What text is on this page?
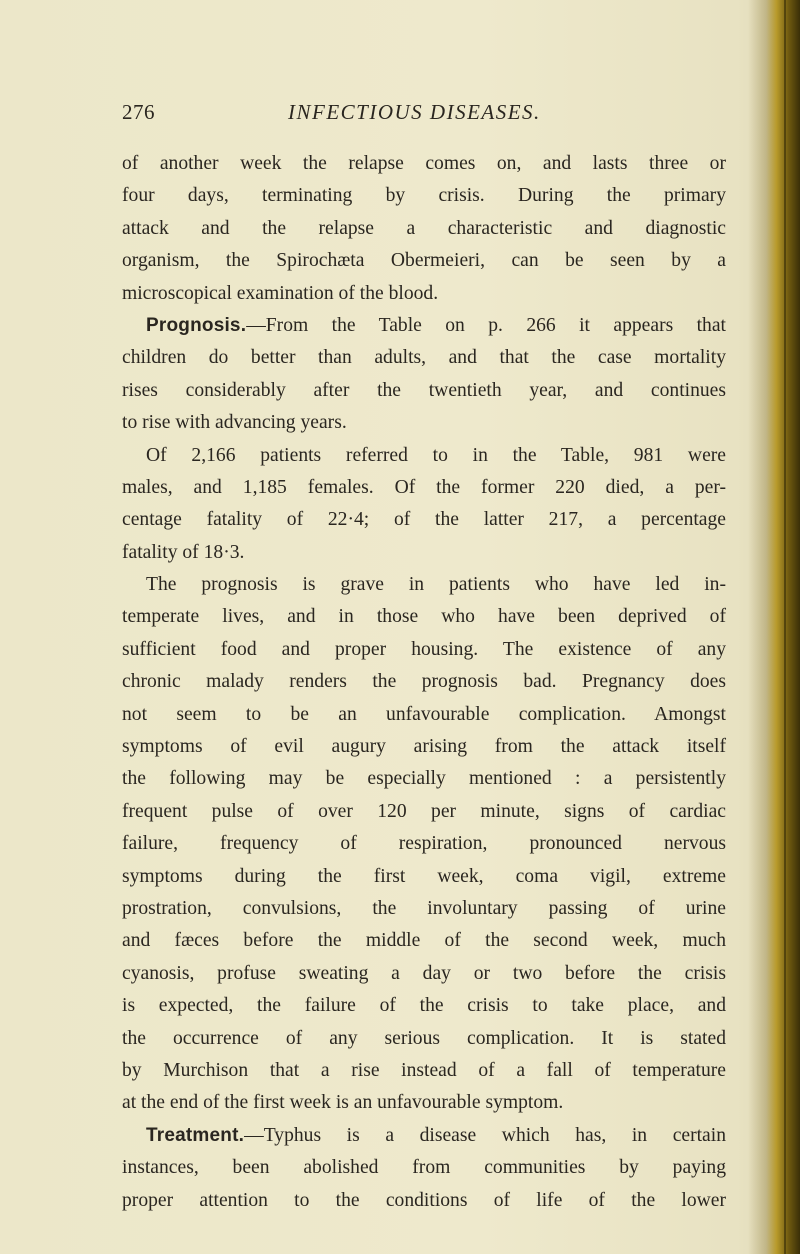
276	INFECTIOUS DISEASES.
of another week the relapse comes on, and lasts three or
four days, terminating by crisis. During the primary
attack and the relapse a characteristic and diagnostic
organism, the Spirochæta Obermeieri, can be seen by a
microscopical examination of the blood.
Prognosis.—From the Table on p. 266 it appears that
children do better than adults, and that the case mortality
rises considerably after the twentieth year, and continues
to rise with advancing years.
Of 2,166 patients referred to in the Table, 981 were
males, and 1,185 females. Of the former 220 died, a per-
centage fatality of 22·4; of the latter 217, a percentage
fatality of 18·3.
The prognosis is grave in patients who have led in-
temperate lives, and in those who have been deprived of
sufficient food and proper housing. The existence of any
chronic malady renders the prognosis bad. Pregnancy does
not seem to be an unfavourable complication. Amongst
symptoms of evil augury arising from the attack itself
the following may be especially mentioned : a persistently
frequent pulse of over 120 per minute, signs of cardiac
failure, frequency of respiration, pronounced nervous
symptoms during the first week, coma vigil, extreme
prostration, convulsions, the involuntary passing of urine
and fæces before the middle of the second week, much
cyanosis, profuse sweating a day or two before the crisis
is expected, the failure of the crisis to take place, and
the occurrence of any serious complication. It is stated
by Murchison that a rise instead of a fall of temperature
at the end of the first week is an unfavourable symptom.
Treatment.—Typhus is a disease which has, in certain
instances, been abolished from communities by paying
proper attention to the conditions of life of the lower
